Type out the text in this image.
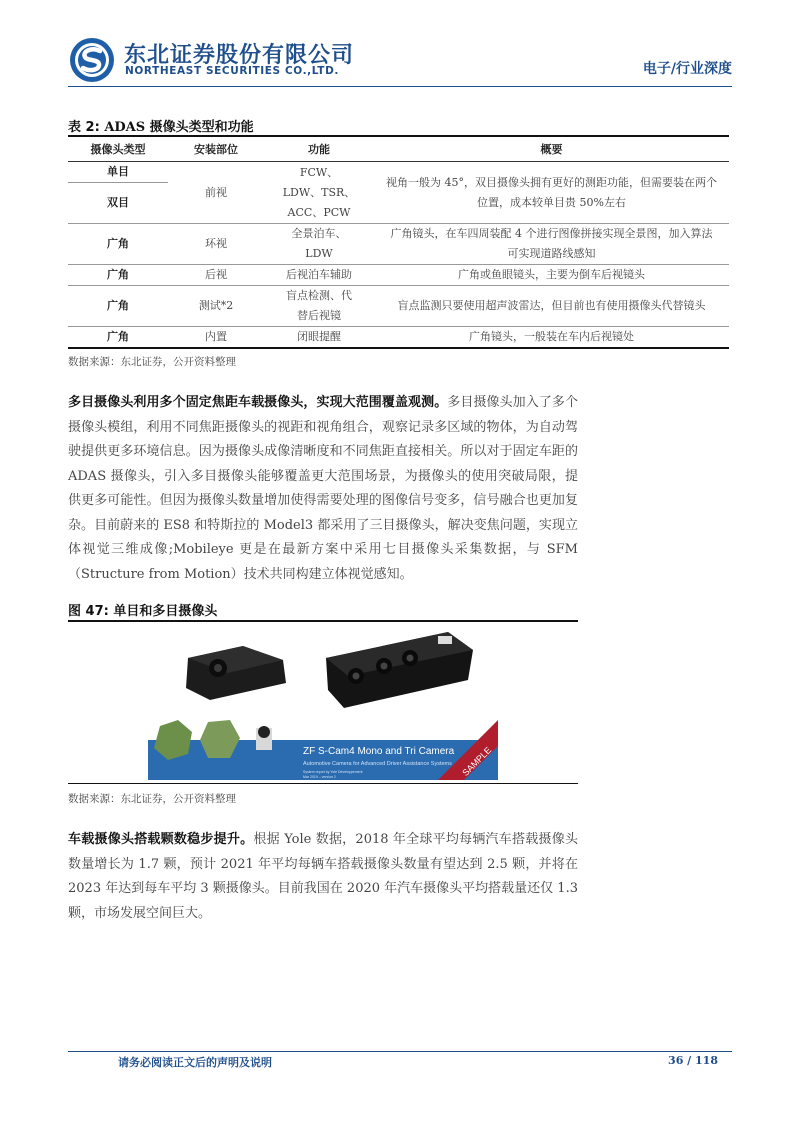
东北证券股份有限公司
NORTHEAST SECURITIES CO.,LTD.	电子/行业深度
表 2: ADAS 摄像头类型和功能
摄像头类型	安装部位	功能	概要
单目	前视	FCW、LDW、TSR、ACC、PCW	视角一般为 45°，双目摄像头拥有更好的测距功能，但需要装在两个位置，成本较单目贵 50%左右
双目			
广角	环视	全景泊车、LDW	广角镜头，在车四周装配 4 个进行图像拼接实现全景图，加入算法可实现道路线感知
广角	后视	后视泊车辅助	广角或鱼眼镜头，主要为倒车后视镜头
广角	测试*2	盲点检测、代替后视镜	盲点监测只要使用超声波雷达，但目前也有使用摄像头代替镜头
广角	内置	闭眼提醒	广角镜头，一般装在车内后视镜处
数据来源：东北证券，公开资料整理
多目摄像头利用多个固定焦距车载摄像头，实现大范围覆盖观测。多目摄像头加入了多个摄像头模组，利用不同焦距摄像头的视距和视角组合，观察记录多区域的物体，为自动驾驶提供更多环境信息。因为摄像头成像清晰度和不同焦距直接相关。所以对于固定车距的 ADAS 摄像头，引入多目摄像头能够覆盖更大范围场景，为摄像头的使用突破局限，提供更多可能性。但因为摄像头数量增加使得需要处理的图像信号变多，信号融合也更加复杂。目前蔚来的 ES8 和特斯拉的 Model3 都采用了三目摄像头，解决变焦问题，实现立体视觉三维成像;Mobileye 更是在最新方案中采用七目摄像头采集数据，与 SFM（Structure from Motion）技术共同构建立体视觉感知。
图 47: 单目和多目摄像头
ZF S-Cam4 Mono and Tri Camera
Automotive Camera for Advanced Driver Assistance Systems
System report by Yole Développement
Mar 2019 – version 2	SAMPLE
数据来源：东北证券，公开资料整理
车载摄像头搭载颗数稳步提升。根据 Yole 数据，2018 年全球平均每辆汽车搭载摄像头数量增长为 1.7 颗，预计 2021 年平均每辆车搭载摄像头数量有望达到 2.5 颗，并将在 2023 年达到每车平均 3 颗摄像头。目前我国在 2020 年汽车摄像头平均搭载量还仅 1.3 颗，市场发展空间巨大。
请务必阅读正文后的声明及说明	36 / 118
